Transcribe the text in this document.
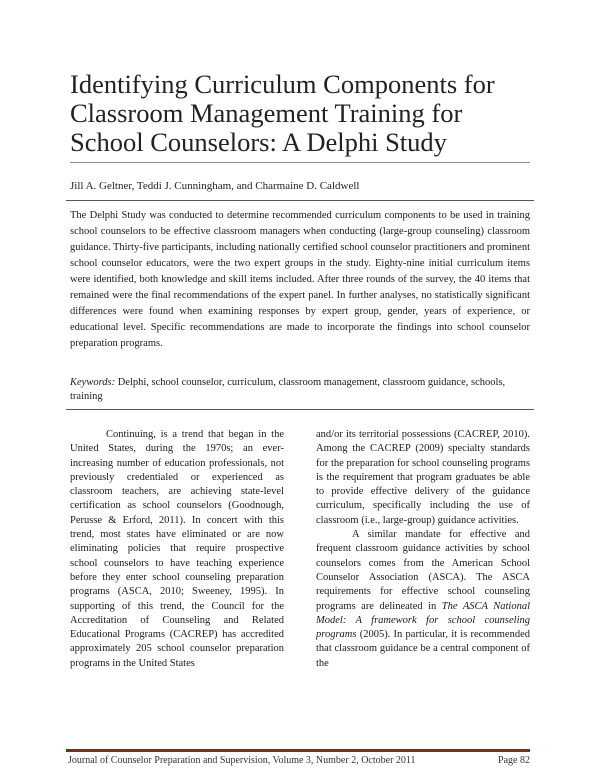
Identifying Curriculum Components for Classroom Management Training for School Counselors: A Delphi Study
Jill A. Geltner, Teddi J. Cunningham, and Charmaine D. Caldwell

The Delphi Study was conducted to determine recommended curriculum components to be used in training school counselors to be effective classroom managers when conducting (large-group counseling) classroom guidance. Thirty-five participants, including nationally certified school counselor practitioners and prominent school counselor educators, were the two expert groups in the study. Eighty-nine initial curriculum items were identified, both knowledge and skill items included. After three rounds of the survey, the 40 items that remained were the final recommendations of the expert panel. In further analyses, no statistically significant differences were found when examining responses by expert group, gender, years of experience, or educational level. Specific recommendations are made to incorporate the findings into school counselor preparation programs.

Keywords: Delphi, school counselor, curriculum, classroom management, classroom guidance, schools, training

Continuing, is a trend that began in the United States, during the 1970s; an ever-increasing number of education professionals, not previously credentialed or experienced as classroom teachers, are achieving state-level certification as school counselors (Goodnough, Perusse & Erford, 2011). In concert with this trend, most states have eliminated or are now eliminating policies that require prospective school counselors to have teaching experience before they enter school counseling preparation programs (ASCA, 2010; Sweeney, 1995). In supporting of this trend, the Council for the Accreditation of Counseling and Related Educational Programs (CACREP) has accredited approximately 205 school counselor preparation programs in the United States

and/or its territorial possessions (CACREP, 2010). Among the CACREP (2009) specialty standards for the preparation for school counseling programs is the requirement that program graduates be able to provide effective delivery of the guidance curriculum, specifically including the use of classroom (i.e., large-group) guidance activities.

A similar mandate for effective and frequent classroom guidance activities by school counselors comes from the American School Counselor Association (ASCA). The ASCA requirements for effective school counseling programs are delineated in The ASCA National Model: A framework for school counseling programs (2005). In particular, it is recommended that classroom guidance be a central component of the

Journal of Counselor Preparation and Supervision, Volume 3, Number 2, October 2011	Page 82
